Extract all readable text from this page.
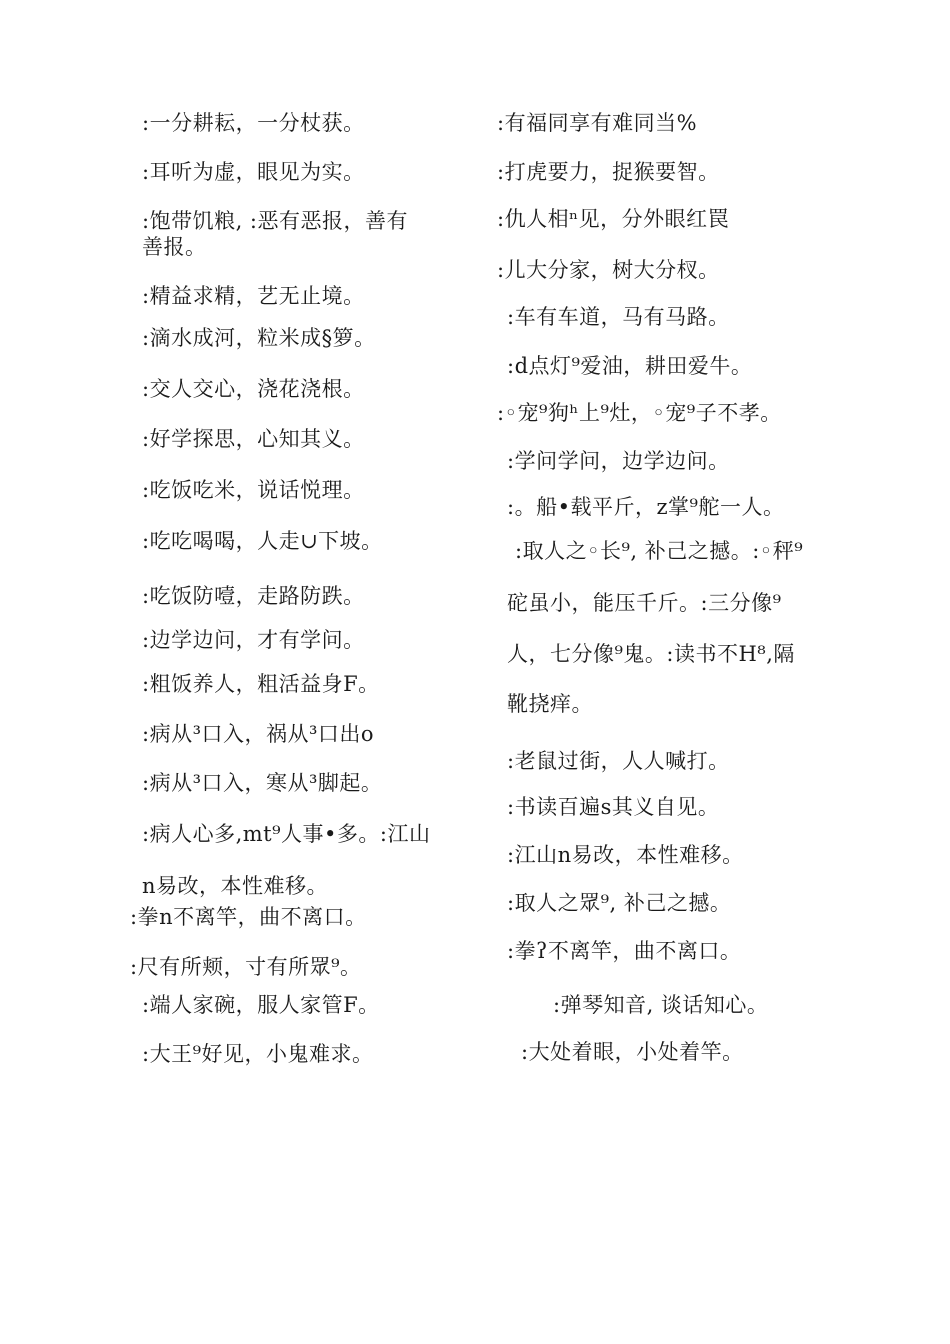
:一分耕耘，一分杖获。
:耳听为虚，眼见为实。
:饱带饥粮, :恶有恶报，善有
善报。
:精益求精，艺无止境。
:滴水成河，粒米成§箩。
:交人交心，浇花浇根。
:好学探思，心知其义。
:吃饭吃米，说话悦理。
:吃吃喝喝，人走∪下坡。
:吃饭防噎，走路防跌。
:边学边问，才有学问。
:粗饭养人，粗活益身F。
:病从³口入，祸从³口出o
:病从³口入，寒从³脚起。
:病人心多,mt⁹人事•多。:江山
n易改，本性难移。
:拳n不离竿，曲不离口。
:尺有所颊，寸有所眾⁹。
:端人家碗，服人家管F。
:大王⁹好见，小鬼难求。
:有福同享有难同当%
:打虎要力，捉猴要智。
:仇人相ⁿ见，分外眼红罠
:儿大分家，树大分杈。
:车有车道，马有马路。
:d点灯⁹爱油，耕田爱牛。
:◦宠⁹狗ʰ上⁹灶，◦宠⁹子不孝。
:学问学问，边学边问。
:。船•载平斤，z掌⁹舵一人。
:取人之◦长⁹, 补己之撼。:◦秤⁹
砣虽小，能压千斤。:三分像⁹
人，七分像⁹鬼。:读书不H⁸,隔
靴挠痒。
:老鼠过街，人人喊打。
:书读百遍s其义自见。
:江山n易改，本性难移。
:取人之眾⁹, 补己之撼。
:拳ʔ不离竿，曲不离口。
:弹琴知音, 谈话知心。
:大处着眼，小处着竿。
